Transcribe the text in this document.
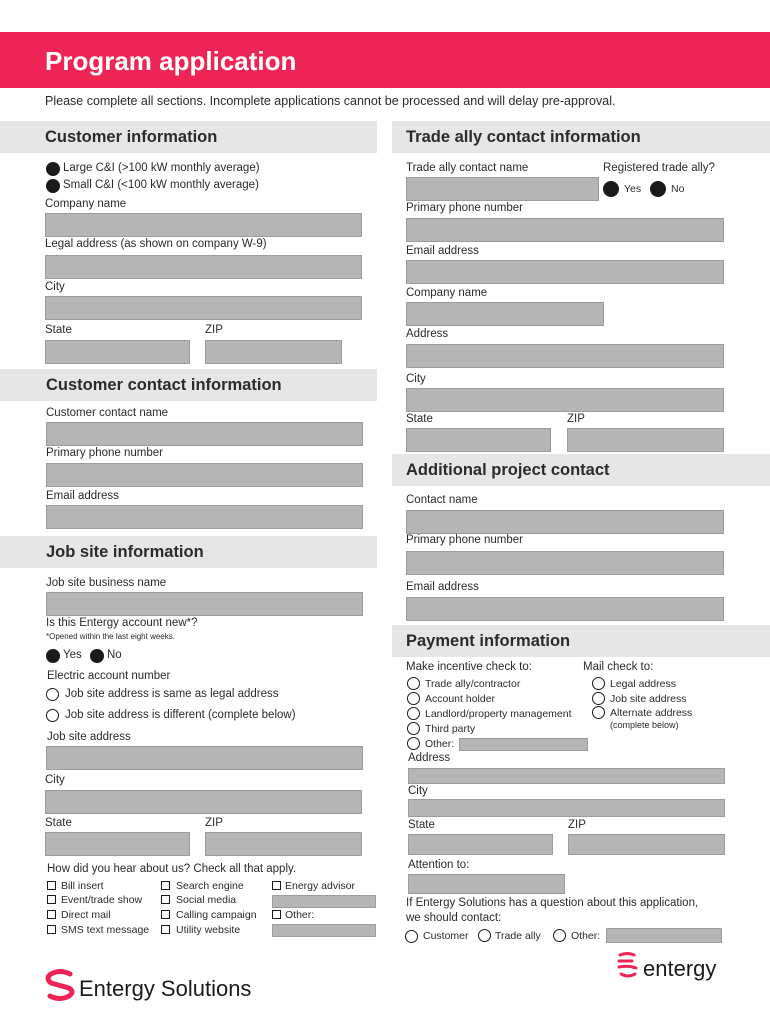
Program application
Please complete all sections. Incomplete applications cannot be processed and will delay pre-approval.
Customer information
Large C&I (>100 kW monthly average)
Small C&I (<100 kW monthly average)
Company name
Legal address (as shown on company W-9)
City
State	ZIP
Customer contact information
Customer contact name
Primary phone number
Email address
Job site information
Job site business name
Is this Entergy account new*?
*Opened within the last eight weeks.
Yes No
Electric account number
Job site address is same as legal address
Job site address is different (complete below)
Job site address
City
State	ZIP
How did you hear about us? Check all that apply.
Bill insert
Event/trade show
Direct mail
SMS text message
Search engine
Social media
Calling campaign
Utility website
Energy advisor
Other:
Trade ally contact information
Trade ally contact name	Registered trade ally?
Yes	No
Primary phone number
Email address
Company name
Address
City
State	ZIP
Additional project contact
Contact name
Primary phone number
Email address
Payment information
Make incentive check to:	Mail check to:
Trade ally/contractor
Account holder
Landlord/property management
Third party
Other:
Legal address
Job site address
Alternate address
(complete below)
Address
City
State	ZIP
Attention to:
If Entergy Solutions has a question about this application,
we should contact:
Customer	Trade ally	Other:
Entergy Solutions
entergy
